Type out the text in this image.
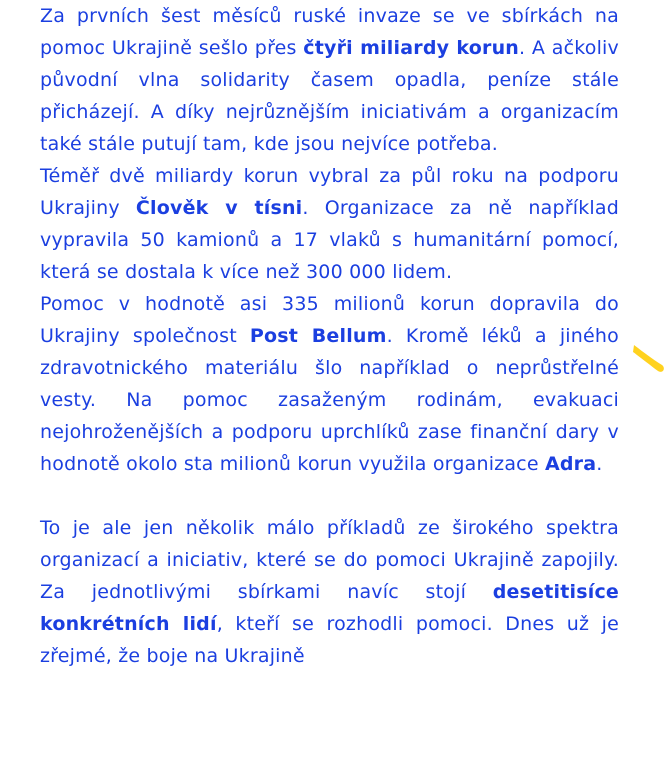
Za prvních šest měsíců ruské invaze se ve sbírkách na pomoc Ukrajině sešlo přes čtyři miliardy korun. A ačkoliv původní vlna solidarity časem opadla, peníze stále přicházejí. A díky nejrůznějším iniciativám a organizacím také stále putují tam, kde jsou nejvíce potřeba.

Téměř dvě miliardy korun vybral za půl roku na podporu Ukrajiny Člověk v tísni. Organizace za ně například vypravila 50 kamionů a 17 vlaků s humanitární pomocí, která se dostala k více než 300 000 lidem.

Pomoc v hodnotě asi 335 milionů korun dopravila do Ukrajiny společnost Post Bellum. Kromě léků a jiného zdravotnického materiálu šlo například o neprůstřelné vesty. Na pomoc zasaženým rodinám, evakuaci nejohroženějších a podporu uprchlíků zase finanční dary v hodnotě okolo sta milionů korun využila organizace Adra.

To je ale jen několik málo příkladů ze širokého spektra organizací a iniciativ, které se do pomoci Ukrajině zapojily. Za jednotlivými sbírkami navíc stojí desetitisíce konkrétních lidí, kteří se rozhodli pomoci. Dnes už je zřejmé, že boje na Ukrajině
